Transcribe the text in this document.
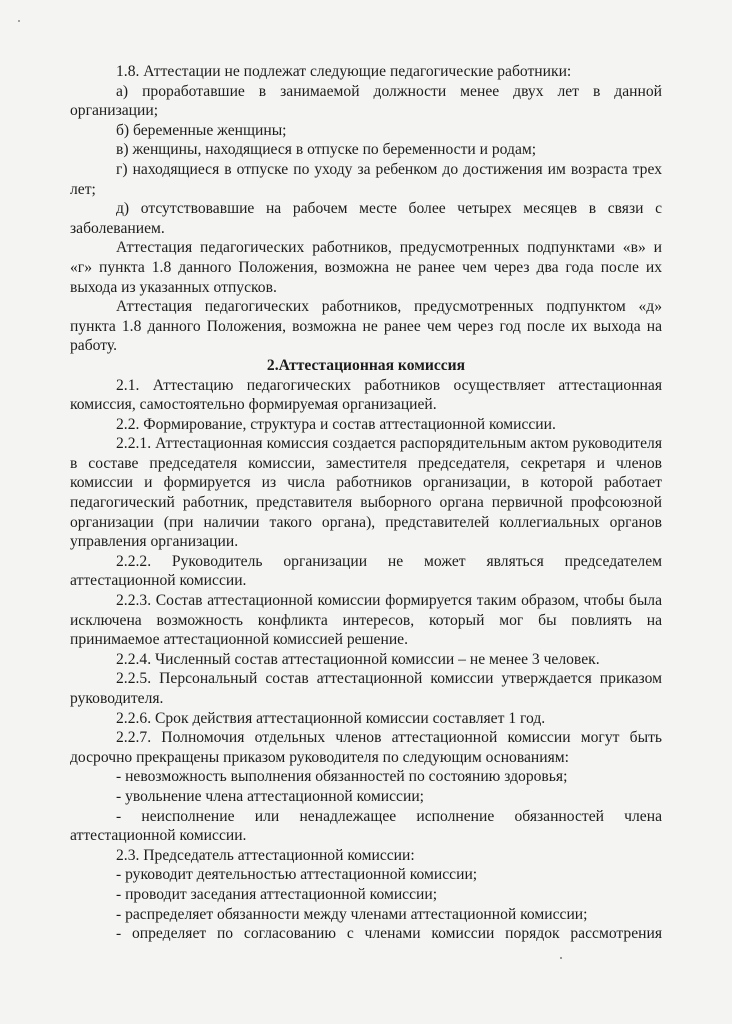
1.8. Аттестации не подлежат следующие педагогические работники:

а) проработавшие в занимаемой должности менее двух лет в данной организации;

б) беременные женщины;

в) женщины, находящиеся в отпуске по беременности и родам;

г) находящиеся в отпуске по уходу за ребенком до достижения им возраста трех лет;

д) отсутствовавшие на рабочем месте более четырех месяцев в связи с заболеванием.

Аттестация педагогических работников, предусмотренных подпунктами «в» и «г» пункта 1.8 данного Положения, возможна не ранее чем через два года после их выхода из указанных отпусков.

Аттестация педагогических работников, предусмотренных подпунктом «д» пункта 1.8 данного Положения, возможна не ранее чем через год после их выхода на работу.

2.Аттестационная комиссия

2.1. Аттестацию педагогических работников осуществляет аттестационная комиссия, самостоятельно формируемая организацией.

2.2. Формирование, структура и состав аттестационной комиссии.

2.2.1. Аттестационная комиссия создается распорядительным актом руководителя в составе председателя комиссии, заместителя председателя, секретаря и членов комиссии и формируется из числа работников организации, в которой работает педагогический работник, представителя выборного органа первичной профсоюзной организации (при наличии такого органа), представителей коллегиальных органов управления организации.

2.2.2. Руководитель организации не может являться председателем аттестационной комиссии.

2.2.3. Состав аттестационной комиссии формируется таким образом, чтобы была исключена возможность конфликта интересов, который мог бы повлиять на принимаемое аттестационной комиссией решение.

2.2.4. Численный состав аттестационной комиссии – не менее 3 человек.

2.2.5. Персональный состав аттестационной комиссии утверждается приказом руководителя.

2.2.6. Срок действия аттестационной комиссии составляет 1 год.

2.2.7. Полномочия отдельных членов аттестационной комиссии могут быть досрочно прекращены приказом руководителя по следующим основаниям:

- невозможность выполнения обязанностей по состоянию здоровья;

- увольнение члена аттестационной комиссии;

- неисполнение или ненадлежащее исполнение обязанностей члена аттестационной комиссии.

2.3. Председатель аттестационной комиссии:

- руководит деятельностью аттестационной комиссии;

- проводит заседания аттестационной комиссии;

- распределяет обязанности между членами аттестационной комиссии;

- определяет по согласованию с членами комиссии порядок рассмотрения
